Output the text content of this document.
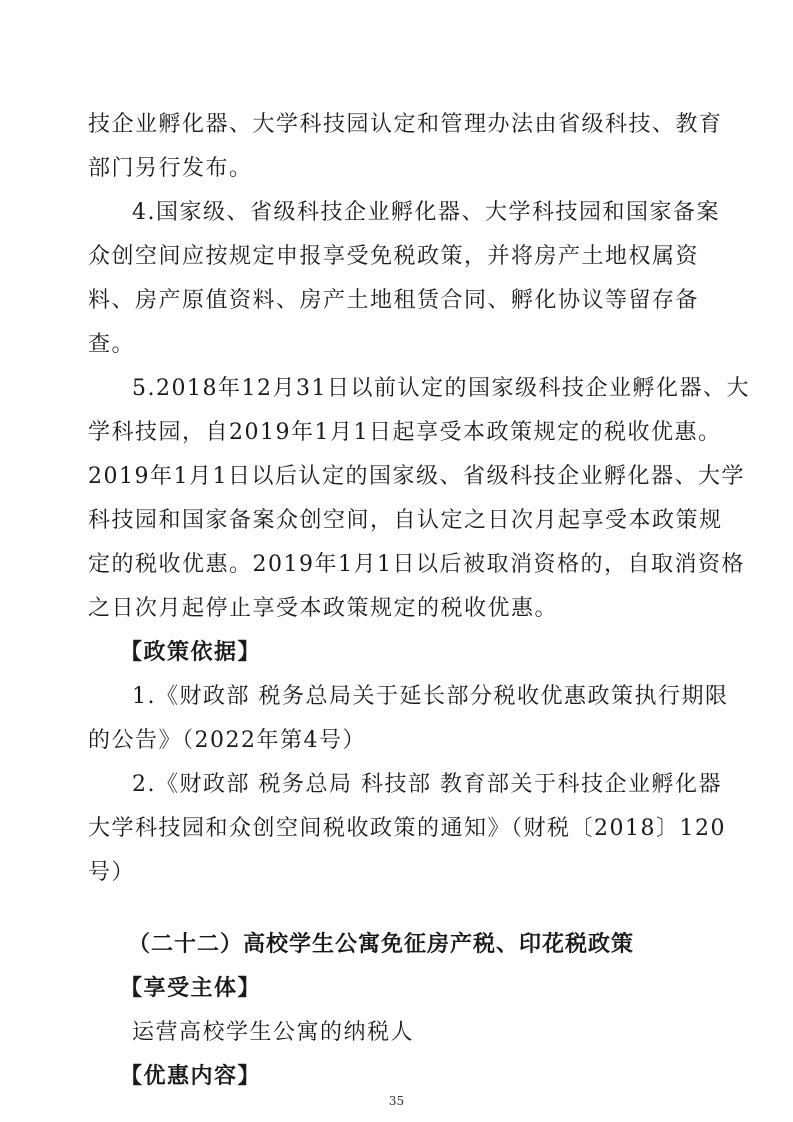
技企业孵化器、大学科技园认定和管理办法由省级科技、教育
部门另行发布。
4.国家级、省级科技企业孵化器、大学科技园和国家备案
众创空间应按规定申报享受免税政策，并将房产土地权属资
料、房产原值资料、房产土地租赁合同、孵化协议等留存备
查。
5.2018年12月31日以前认定的国家级科技企业孵化器、大
学科技园，自2019年1月1日起享受本政策规定的税收优惠。
2019年1月1日以后认定的国家级、省级科技企业孵化器、大学
科技园和国家备案众创空间，自认定之日次月起享受本政策规
定的税收优惠。2019年1月1日以后被取消资格的，自取消资格
之日次月起停止享受本政策规定的税收优惠。
【政策依据】
1.《财政部 税务总局关于延长部分税收优惠政策执行期限
的公告》（2022年第4号）
2.《财政部 税务总局 科技部 教育部关于科技企业孵化器
大学科技园和众创空间税收政策的通知》（财税〔2018〕120
号）
（二十二）高校学生公寓免征房产税、印花税政策
【享受主体】
运营高校学生公寓的纳税人
【优惠内容】
35
